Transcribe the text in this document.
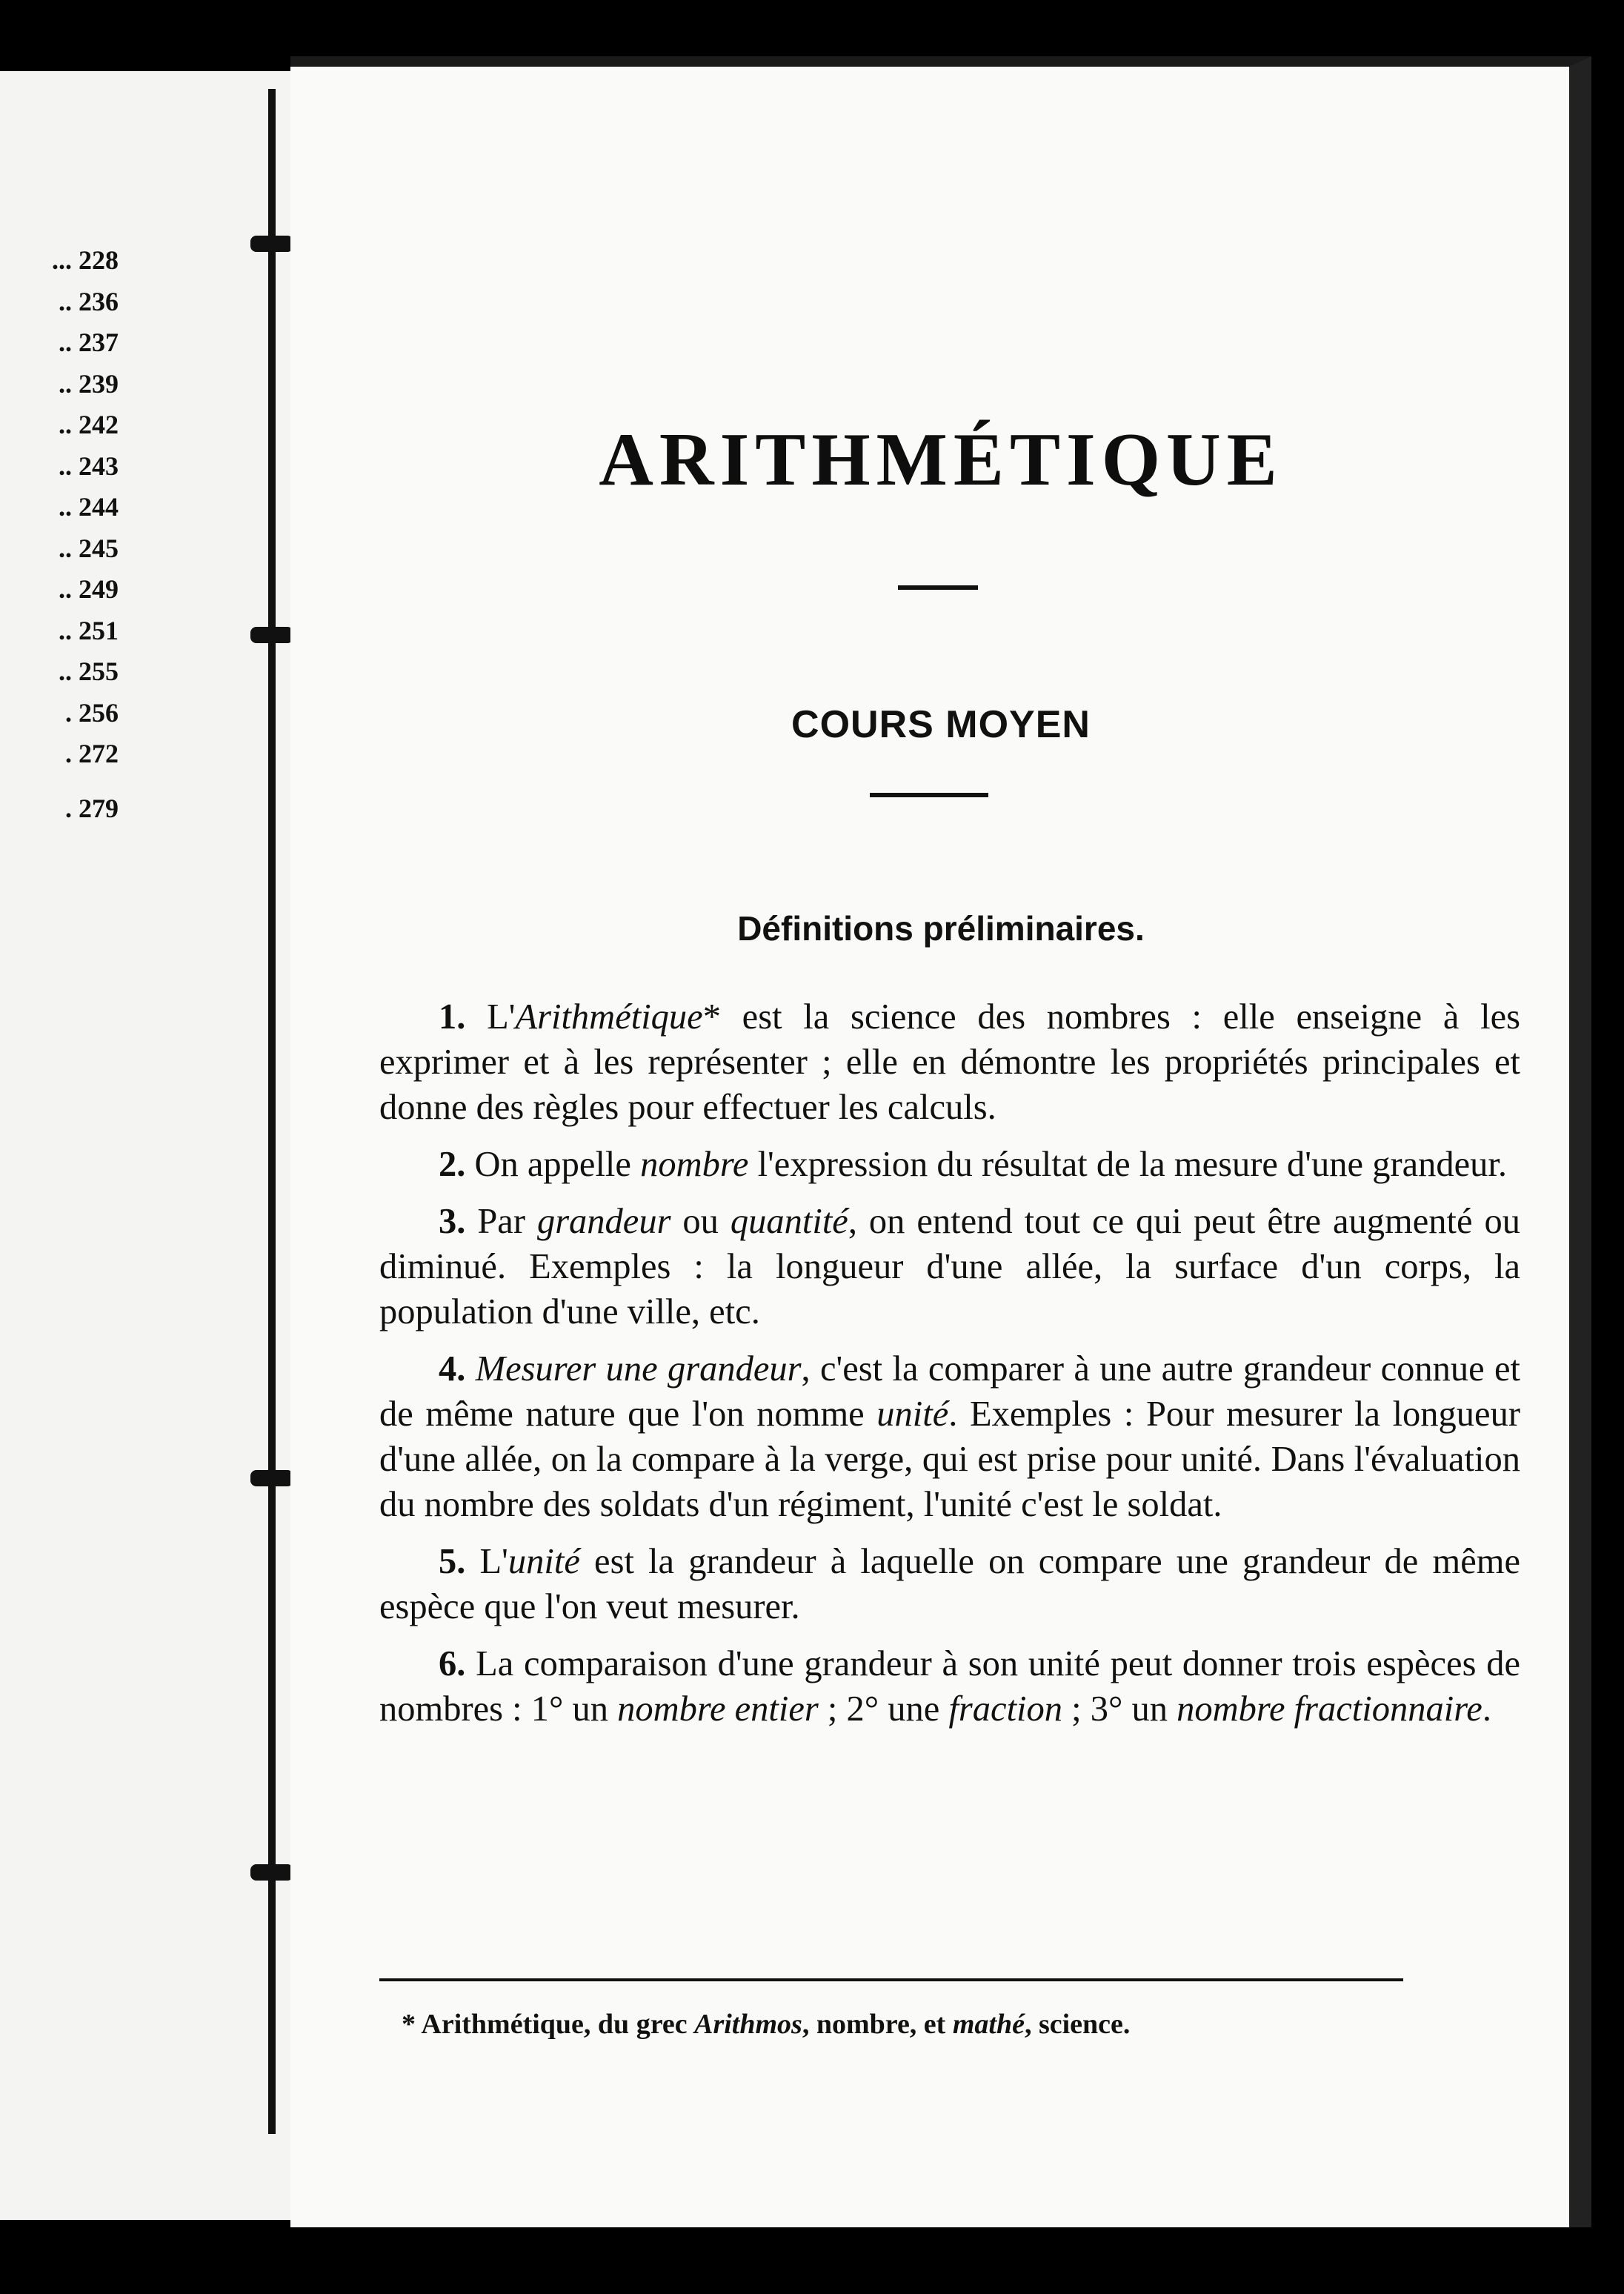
... 228
.. 236
.. 237
.. 239
.. 242
.. 243
.. 244
.. 245
.. 249
.. 251
.. 255
. 256
. 272
. 279
ARITHMÉTIQUE
COURS MOYEN
Définitions préliminaires.

1. L'Arithmétique* est la science des nombres : elle enseigne à les exprimer et à les représenter ; elle en démontre les propriétés principales et donne des règles pour effectuer les calculs.

2. On appelle nombre l'expression du résultat de la mesure d'une grandeur.

3. Par grandeur ou quantité, on entend tout ce qui peut être augmenté ou diminué. Exemples : la longueur d'une allée, la surface d'un corps, la population d'une ville, etc.

4. Mesurer une grandeur, c'est la comparer à une autre grandeur connue et de même nature que l'on nomme unité. Exemples : Pour mesurer la longueur d'une allée, on la compare à la verge, qui est prise pour unité. Dans l'évaluation du nombre des soldats d'un régiment, l'unité c'est le soldat.

5. L'unité est la grandeur à laquelle on compare une grandeur de même espèce que l'on veut mesurer.

6. La comparaison d'une grandeur à son unité peut donner trois espèces de nombres : 1° un nombre entier ; 2° une fraction ; 3° un nombre fractionnaire.

* Arithmétique, du grec Arithmos, nombre, et mathé, science.
